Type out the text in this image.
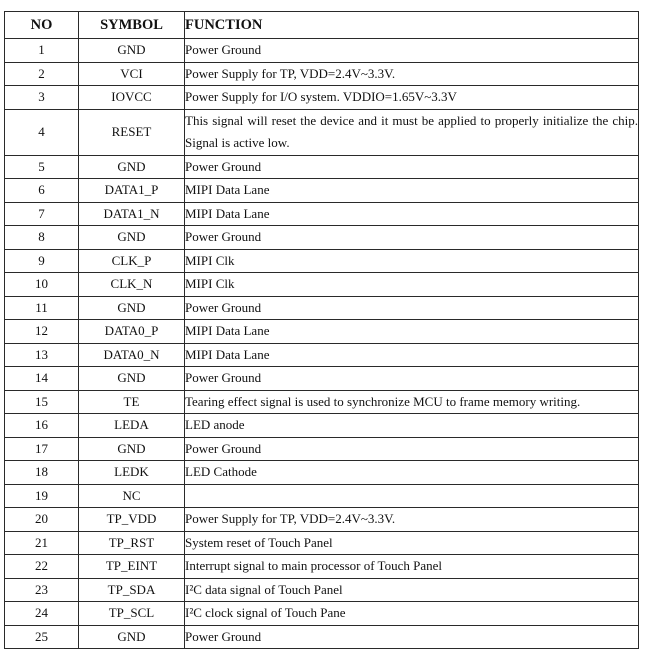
NO	SYMBOL	FUNCTION
1	GND	Power Ground
2	VCI	Power Supply for TP, VDD=2.4V~3.3V.
3	IOVCC	Power Supply for I/O system. VDDIO=1.65V~3.3V
4	RESET	This signal will reset the device and it must be applied to properly initialize the chip. Signal is active low.
5	GND	Power Ground
6	DATA1_P	MIPI Data Lane
7	DATA1_N	MIPI Data Lane
8	GND	Power Ground
9	CLK_P	MIPI Clk
10	CLK_N	MIPI Clk
11	GND	Power Ground
12	DATA0_P	MIPI Data Lane
13	DATA0_N	MIPI Data Lane
14	GND	Power Ground
15	TE	Tearing effect signal is used to synchronize MCU to frame memory writing.
16	LEDA	LED anode
17	GND	Power Ground
18	LEDK	LED Cathode
19	NC	
20	TP_VDD	Power Supply for TP, VDD=2.4V~3.3V.
21	TP_RST	System reset of Touch Panel
22	TP_EINT	Interrupt signal to main processor of Touch Panel
23	TP_SDA	I²C data signal of Touch Panel
24	TP_SCL	I²C clock signal of Touch Pane
25	GND	Power Ground
